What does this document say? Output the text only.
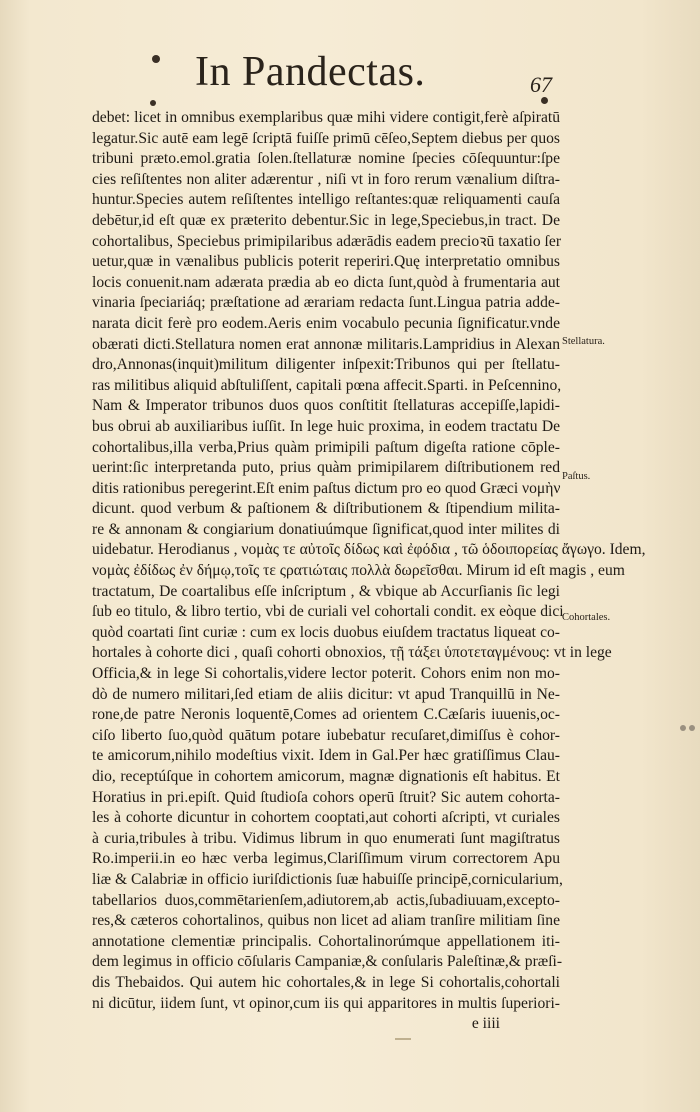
In Pandectas.	67
debet: licet in omnibus exemplaribus quæ mihi videre contigit,ferè aſpiratū
legatur.Sic autē eam legē ſcriptā fuiſſe primū cēſeo,Septem diebus per quos
tribuni præto.emol.gratia ſolen.ſtellaturæ nomine ſpecies cōſequuntur:ſpe
cies reſiſtentes non aliter adærentur , niſi vt in foro rerum vænalium diſtra-
huntur.Species autem reſiſtentes intelligo reſtantes:quæ reliquamenti cauſa
debētur,id eſt quæ ex præterito debentur.Sic in lege,Speciebus,in tract. De
cohortalibus, Speciebus primipilaribus adærādis eadem precioꝛū taxatio ſer
uetur,quæ in vænalibus publicis poterit reperiri.Quę interpretatio omnibus
locis conuenit.nam adærata prædia ab eo dicta ſunt,quòd à frumentaria aut
vinaria ſpeciariáq; præſtatione ad ærariam redacta ſunt.Lingua patria adde-
narata dicit ferè pro eodem.Aeris enim vocabulo pecunia ſignificatur.vnde
obærati dicti.Stellatura nomen erat annonæ militaris.Lampridius in Alexan
dro,Annonas(inquit)militum diligenter inſpexit:Tribunos qui per ſtellatu-
ras militibus aliquid abſtuliſſent, capitali pœna affecit.Sparti. in Peſcennino,
Nam & Imperator tribunos duos quos conſtitit ſtellaturas accepiſſe,lapidi-
bus obrui ab auxiliaribus iuſſit. In lege huic proxima, in eodem tractatu De
cohortalibus,illa verba,Prius quàm primipili paſtum digeſta ratione cōple-
uerint:ſic interpretanda puto, prius quàm primipilarem diſtributionem red
ditis rationibus peregerint.Eſt enim paſtus dictum pro eo quod Græci νομὴν
dicunt. quod verbum & paſtionem & diſtributionem & ſtipendium milita-
re & annonam & congiarium donatiuúmque ſignificat,quod inter milites di
uidebatur. Herodianus , νομὰς τε αὐτοῖς δίδως καὶ ἐφόδια , τῶ ὁδοιπορείας ἄγωγο. Idem,
νομὰς ἐδίδως ἐν δήμῳ,τοῖς τε ςρατιώταις πολλὰ δωρεῖσθαι. Mirum id eſt magis , eum
tractatum, De coartalibus eſſe inſcriptum , & vbique ab Accurſianis ſic legi
ſub eo titulo, & libro tertio, vbi de curiali vel cohortali condit. ex eòque dici
quòd coartati ſint curiæ : cum ex locis duobus eiuſdem tractatus liqueat co-
hortales à cohorte dici , quaſi cohorti obnoxios, τῇ τάξει ὑποτεταγμένους: vt in lege
Officia,& in lege Si cohortalis,videre lector poterit. Cohors enim non mo-
dò de numero militari,ſed etiam de aliis dicitur: vt apud Tranquillū in Ne-
rone,de patre Neronis loquentē,Comes ad orientem C.Cæſaris iuuenis,oc-
ciſo liberto ſuo,quòd quātum potare iubebatur recuſaret,dimiſſus è cohor-
te amicorum,nihilo modeſtius vixit. Idem in Gal.Per hæc gratiſſimus Clau-
dio, receptúſque in cohortem amicorum, magnæ dignationis eſt habitus. Et
Horatius in pri.epiſt. Quid ſtudioſa cohors operū ſtruit? Sic autem cohorta-
les à cohorte dicuntur in cohortem cooptati,aut cohorti aſcripti, vt curiales
à curia,tribules à tribu. Vidimus librum in quo enumerati ſunt magiſtratus
Ro.imperii.in eo hæc verba legimus,Clariſſimum virum correctorem Apu
liæ & Calabriæ in officio iuriſdictionis ſuæ habuiſſe principē,cornicularium,
tabellarios duos,commētarienſem,adiutorem,ab actis,ſubadiuuam,excepto-
res,& cæteros cohortalinos, quibus non licet ad aliam tranſire militiam ſine
annotatione clementiæ principalis. Cohortalinorúmque appellationem iti-
dem legimus in officio cōſularis Campaniæ,& conſularis Paleſtinæ,& præſi-
dis Thebaidos. Qui autem hic cohortales,& in lege Si cohortalis,cohortali
ni dicūtur, iidem ſunt, vt opinor,cum iis qui apparitores in multis ſuperiori-
e iiii
Stellatura.
Paſtus.
Cohortales.
